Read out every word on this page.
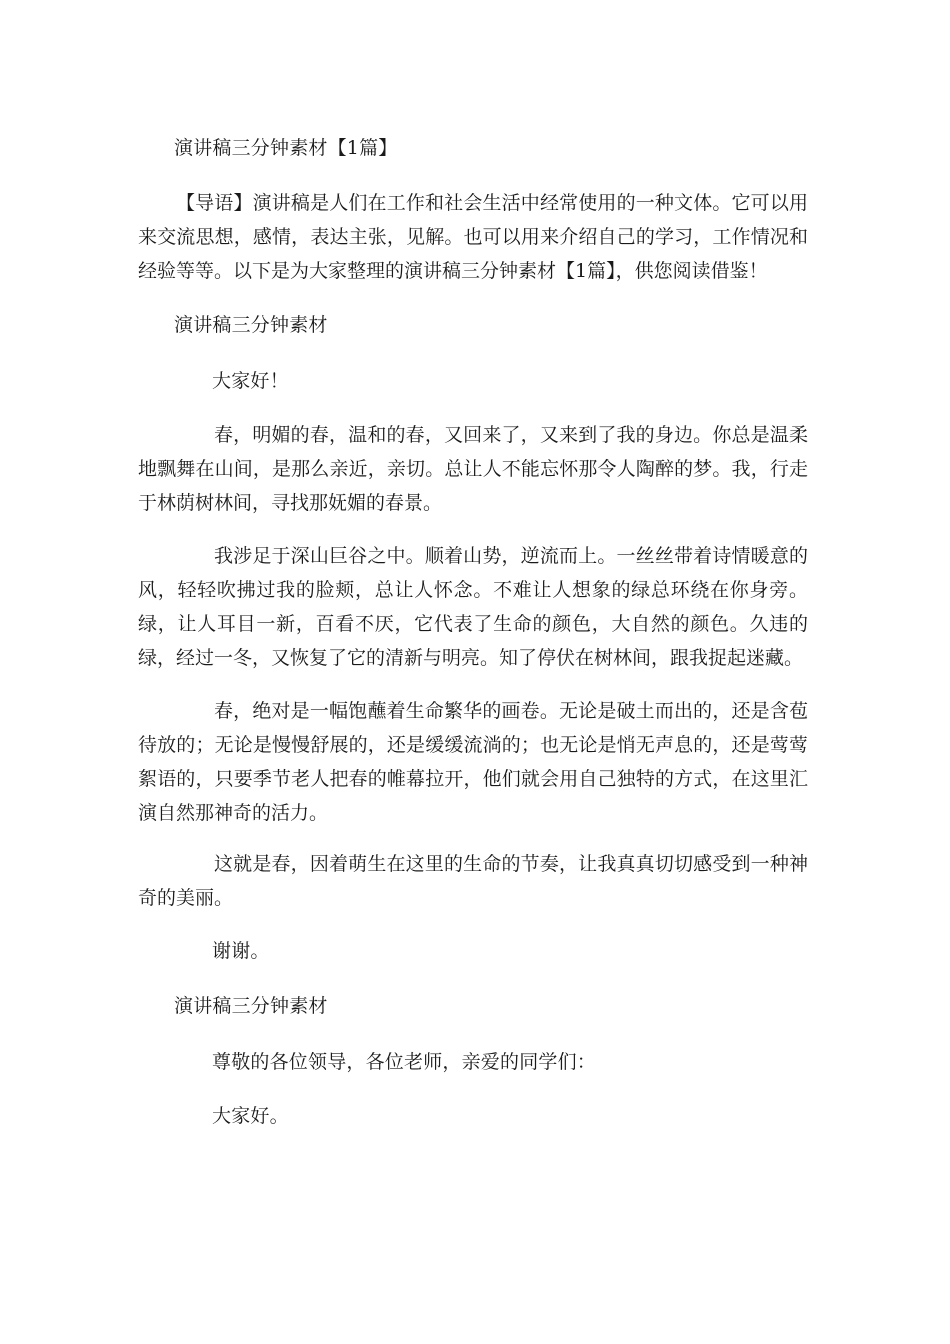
演讲稿三分钟素材【1篇】
【导语】演讲稿是人们在工作和社会生活中经常使用的一种文体。它可以用来交流思想，感情，表达主张，见解。也可以用来介绍自己的学习，工作情况和经验等等。以下是为大家整理的演讲稿三分钟素材【1篇】，供您阅读借鉴！
演讲稿三分钟素材
大家好！
春，明媚的春，温和的春，又回来了，又来到了我的身边。你总是温柔地飘舞在山间，是那么亲近，亲切。总让人不能忘怀那令人陶醉的梦。我，行走于林荫树林间，寻找那妩媚的春景。
我涉足于深山巨谷之中。顺着山势，逆流而上。一丝丝带着诗情暖意的风，轻轻吹拂过我的脸颊，总让人怀念。不难让人想象的绿总环绕在你身旁。绿，让人耳目一新，百看不厌，它代表了生命的颜色，大自然的颜色。久违的绿，经过一冬，又恢复了它的清新与明亮。知了停伏在树林间，跟我捉起迷藏。
春，绝对是一幅饱蘸着生命繁华的画卷。无论是破土而出的，还是含苞待放的；无论是慢慢舒展的，还是缓缓流淌的；也无论是悄无声息的，还是莺莺絮语的，只要季节老人把春的帷幕拉开，他们就会用自己独特的方式，在这里汇演自然那神奇的活力。
这就是春，因着萌生在这里的生命的节奏，让我真真切切感受到一种神奇的美丽。
谢谢。
演讲稿三分钟素材
尊敬的各位领导，各位老师，亲爱的同学们：
大家好。
